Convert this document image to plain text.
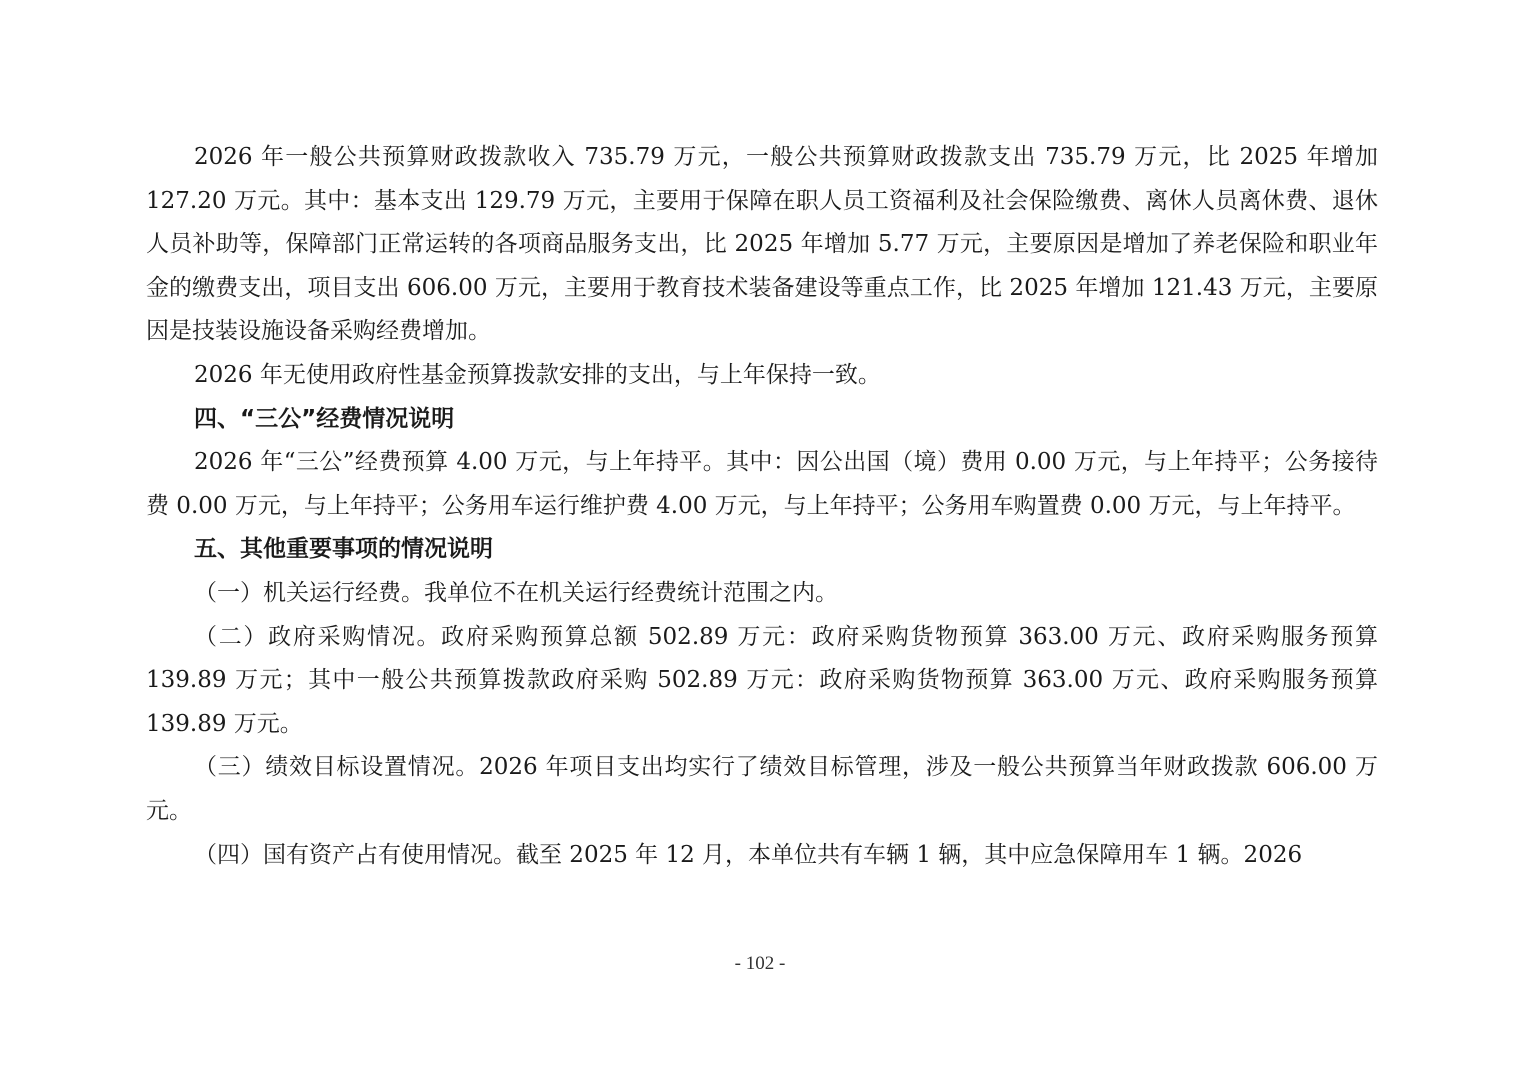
2026 年一般公共预算财政拨款收入 735.79 万元，一般公共预算财政拨款支出 735.79 万元，比 2025 年增加 127.20 万元。其中：基本支出 129.79 万元，主要用于保障在职人员工资福利及社会保险缴费、离休人员离休费、退休人员补助等，保障部门正常运转的各项商品服务支出，比 2025 年增加 5.77 万元，主要原因是增加了养老保险和职业年金的缴费支出，项目支出 606.00 万元，主要用于教育技术装备建设等重点工作，比 2025 年增加 121.43 万元，主要原因是技装设施设备采购经费增加。

2026 年无使用政府性基金预算拨款安排的支出，与上年保持一致。

四、“三公”经费情况说明

2026 年“三公”经费预算 4.00 万元，与上年持平。其中：因公出国（境）费用 0.00 万元，与上年持平；公务接待费 0.00 万元，与上年持平；公务用车运行维护费 4.00 万元，与上年持平；公务用车购置费 0.00 万元，与上年持平。

五、其他重要事项的情况说明

（一）机关运行经费。我单位不在机关运行经费统计范围之内。

（二）政府采购情况。政府采购预算总额 502.89 万元：政府采购货物预算 363.00 万元、政府采购服务预算 139.89 万元；其中一般公共预算拨款政府采购 502.89 万元：政府采购货物预算 363.00 万元、政府采购服务预算 139.89 万元。

（三）绩效目标设置情况。2026 年项目支出均实行了绩效目标管理，涉及一般公共预算当年财政拨款 606.00 万元。

（四）国有资产占有使用情况。截至 2025 年 12 月，本单位共有车辆 1 辆，其中应急保障用车 1 辆。2026

- 102 -
